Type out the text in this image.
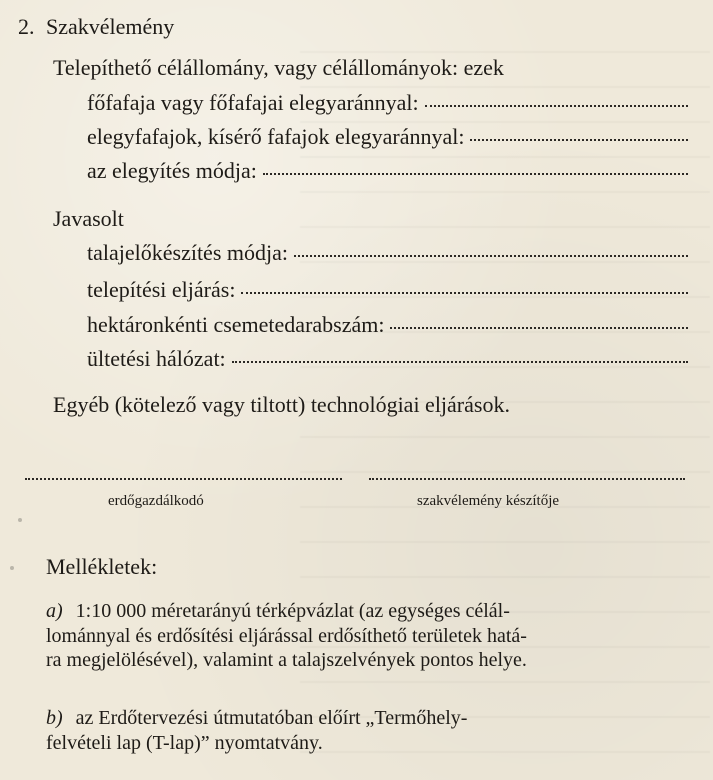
2. Szakvélemény
Telepíthető célállomány, vagy célállományok: ezek
főfafaja vagy főfafajai elegyaránnyal:
elegyfafajok, kísérő fafajok elegyaránnyal:
az elegyítés módja:
Javasolt
talajelőkészítés módja:
telepítési eljárás:
hektáronkénti csemetedarabszám:
ültetési hálózat:
Egyéb (kötelező vagy tiltott) technológiai eljárások.
erdőgazdálkodó	szakvélemény készítője
Mellékletek:
a) 1:10 000 méretarányú térképvázlat (az egységes célál-
lománnyal és erdősítési eljárással erdősíthető területek hatá-
ra megjelölésével), valamint a talajszelvények pontos helye.
b) az Erdőtervezési útmutatóban előírt „Termőhely-
felvételi lap (T-lap)” nyomtatvány.
